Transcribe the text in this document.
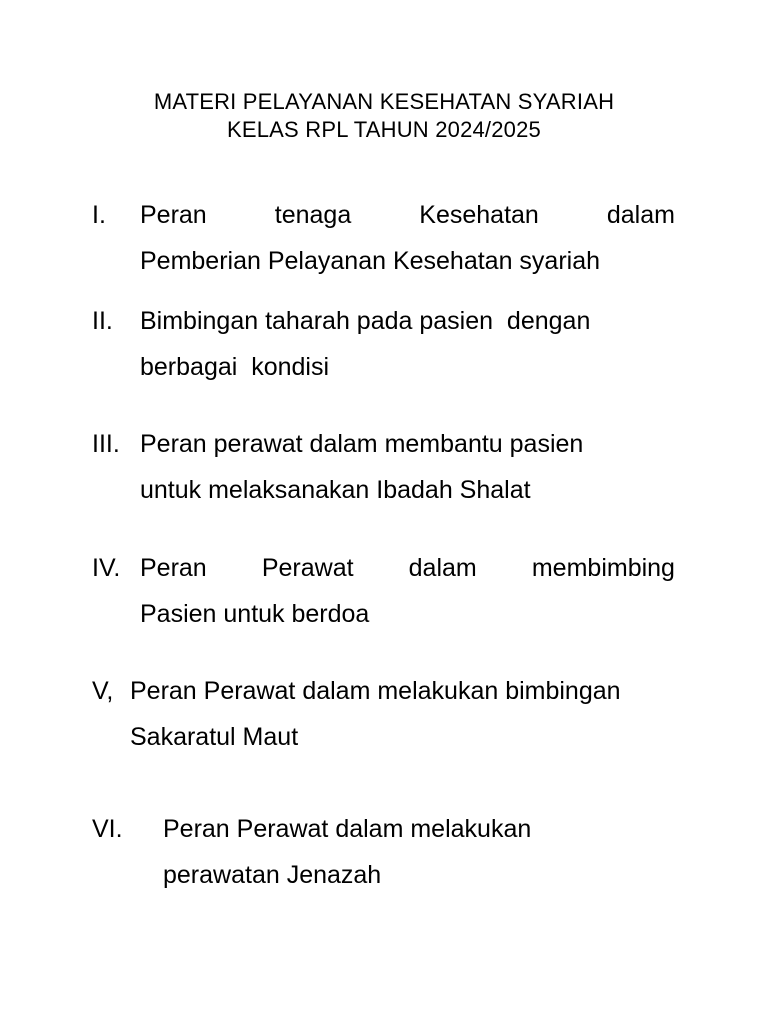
MATERI PELAYANAN KESEHATAN SYARIAH
KELAS RPL TAHUN 2024/2025
I. Peran	tenaga	Kesehatan	dalam
Pemberian Pelayanan Kesehatan syariah
II. Bimbingan taharah pada pasien  dengan
berbagai  kondisi
III. Peran perawat dalam membantu pasien
untuk melaksanakan Ibadah Shalat
IV. Peran Perawat dalam membimbing
Pasien untuk berdoa
V, Peran Perawat dalam melakukan bimbingan
Sakaratul Maut
VI. Peran Perawat dalam melakukan
perawatan Jenazah
